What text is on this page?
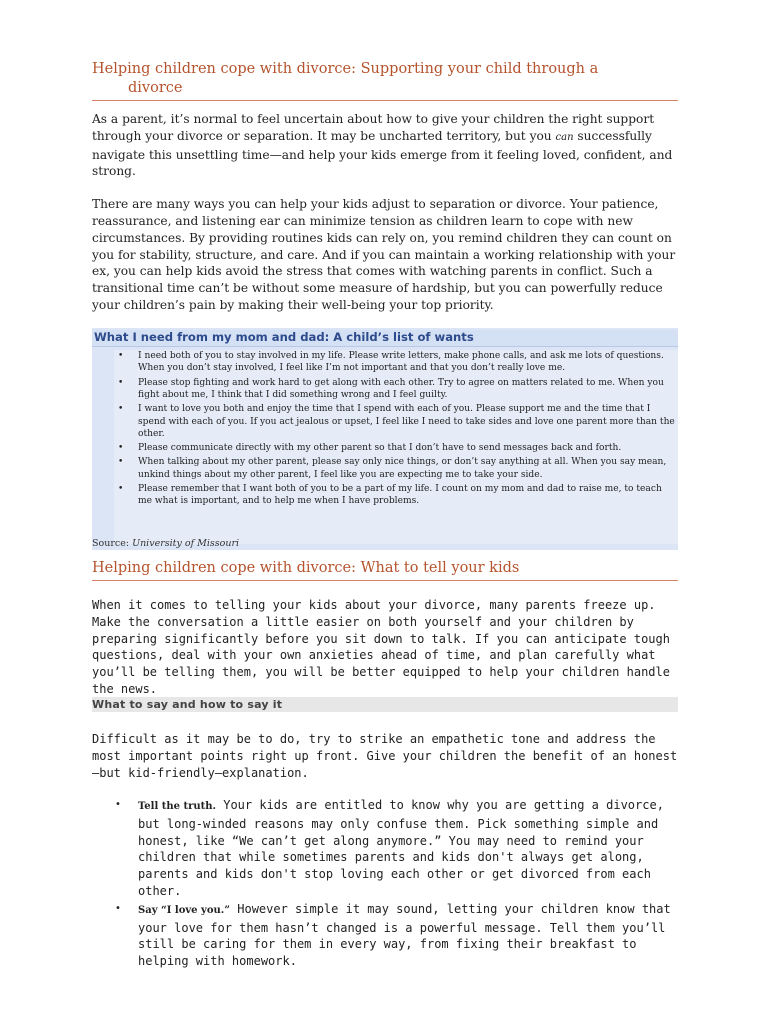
Helping children cope with divorce: Supporting your child through a
divorce

As a parent, it’s normal to feel uncertain about how to give your children the right support through your divorce or separation. It may be uncharted territory, but you can successfully navigate this unsettling time—and help your kids emerge from it feeling loved, confident, and strong.

There are many ways you can help your kids adjust to separation or divorce. Your patience, reassurance, and listening ear can minimize tension as children learn to cope with new circumstances. By providing routines kids can rely on, you remind children they can count on you for stability, structure, and care. And if you can maintain a working relationship with your ex, you can help kids avoid the stress that comes with watching parents in conflict. Such a transitional time can’t be without some measure of hardship, but you can powerfully reduce your children’s pain by making their well-being your top priority.

What I need from my mom and dad: A child’s list of wants
• I need both of you to stay involved in my life. Please write letters, make phone calls, and ask me lots of questions. When you don’t stay involved, I feel like I’m not important and that you don’t really love me.
• Please stop fighting and work hard to get along with each other. Try to agree on matters related to me. When you fight about me, I think that I did something wrong and I feel guilty.
• I want to love you both and enjoy the time that I spend with each of you. Please support me and the time that I spend with each of you. If you act jealous or upset, I feel like I need to take sides and love one parent more than the other.
• Please communicate directly with my other parent so that I don’t have to send messages back and forth.
• When talking about my other parent, please say only nice things, or don’t say anything at all. When you say mean, unkind things about my other parent, I feel like you are expecting me to take your side.
• Please remember that I want both of you to be a part of my life. I count on my mom and dad to raise me, to teach me what is important, and to help me when I have problems.
Source: University of Missouri
Helping children cope with divorce: What to tell your kids

When it comes to telling your kids about your divorce, many parents freeze up. Make the conversation a little easier on both yourself and your children by preparing significantly before you sit down to talk. If you can anticipate tough questions, deal with your own anxieties ahead of time, and plan carefully what you’ll be telling them, you will be better equipped to help your children handle the news.

What to say and how to say it

Difficult as it may be to do, try to strike an empathetic tone and address the most important points right up front. Give your children the benefit of an honest—but kid-friendly—explanation.

• Tell the truth. Your kids are entitled to know why you are getting a divorce, but long-winded reasons may only confuse them. Pick something simple and honest, like “We can’t get along anymore.” You may need to remind your children that while sometimes parents and kids don't always get along, parents and kids don't stop loving each other or get divorced from each other.
• Say “I love you.” However simple it may sound, letting your children know that your love for them hasn’t changed is a powerful message. Tell them you’ll still be caring for them in every way, from fixing their breakfast to helping with homework.
